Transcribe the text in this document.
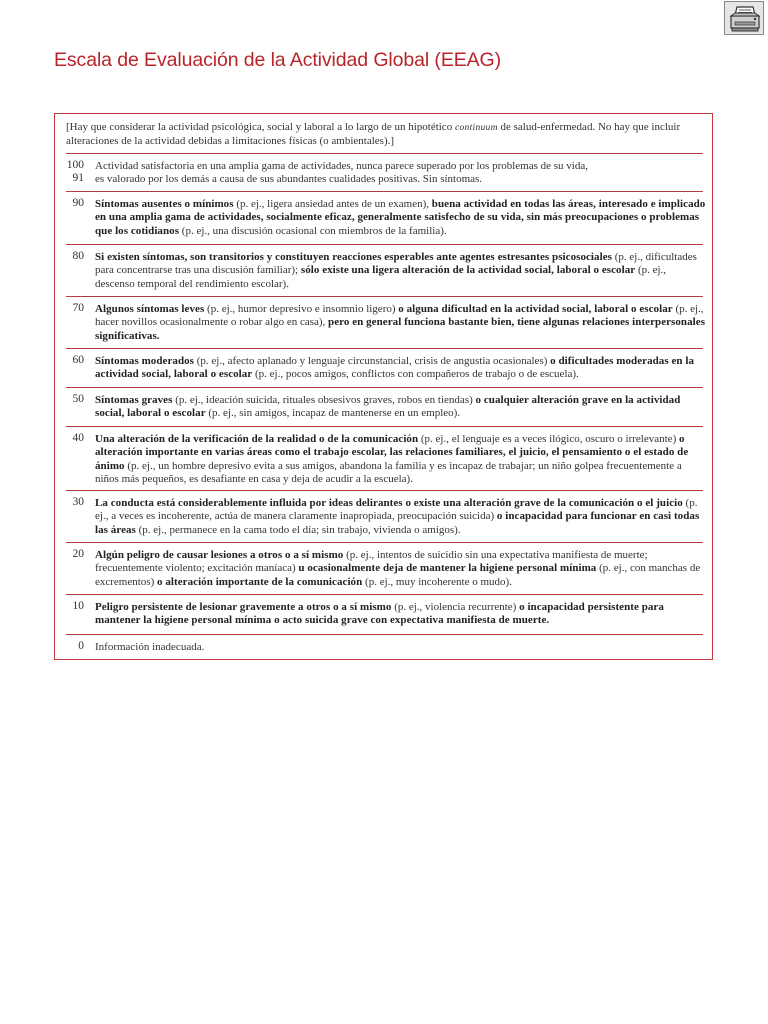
Escala de Evaluación de la Actividad Global (EEAG)
[Hay que considerar la actividad psicológica, social y laboral a lo largo de un hipotético continuum de salud-enfermedad. No hay que incluir alteraciones de la actividad debidas a limitaciones físicas (o ambientales).]
100
91
Actividad satisfactoria en una amplia gama de actividades, nunca parece superado por los problemas de su vida,
es valorado por los demás a causa de sus abundantes cualidades positivas. Sin síntomas.
90 Síntomas ausentes o mínimos (p. ej., ligera ansiedad antes de un examen), buena actividad en todas las áreas, interesado e implicado en una amplia gama de actividades, socialmente eficaz, generalmente satisfecho de su vida, sin más preocupaciones o problemas que los cotidianos (p. ej., una discusión ocasional con miembros de la familia).
80 Si existen síntomas, son transitorios y constituyen reacciones esperables ante agentes estresantes psicosociales (p. ej., dificultades para concentrarse tras una discusión familiar); sólo existe una ligera alteración de la actividad social, laboral o escolar (p. ej., descenso temporal del rendimiento escolar).
70 Algunos síntomas leves (p. ej., humor depresivo e insomnio ligero) o alguna dificultad en la actividad social, laboral o escolar (p. ej., hacer novillos ocasionalmente o robar algo en casa), pero en general funciona bastante bien, tiene algunas relaciones interpersonales significativas.
60 Síntomas moderados (p. ej., afecto aplanado y lenguaje circunstancial, crisis de angustia ocasionales) o dificultades moderadas en la actividad social, laboral o escolar (p. ej., pocos amigos, conflictos con compañeros de trabajo o de escuela).
50 Síntomas graves (p. ej., ideación suicida, rituales obsesivos graves, robos en tiendas) o cualquier alteración grave en la actividad social, laboral o escolar (p. ej., sin amigos, incapaz de mantenerse en un empleo).
40 Una alteración de la verificación de la realidad o de la comunicación (p. ej., el lenguaje es a veces ilógico, oscuro o irrelevante) o alteración importante en varias áreas como el trabajo escolar, las relaciones familiares, el juicio, el pensamiento o el estado de ánimo (p. ej., un hombre depresivo evita a sus amigos, abandona la familia y es incapaz de trabajar; un niño golpea frecuentemente a niños más pequeños, es desafiante en casa y deja de acudir a la escuela).
30 La conducta está considerablemente influida por ideas delirantes o existe una alteración grave de la comunicación o el juicio (p. ej., a veces es incoherente, actúa de manera claramente inapropiada, preocupación suicida) o incapacidad para funcionar en casi todas las áreas (p. ej., permanece en la cama todo el día; sin trabajo, vivienda o amigos).
20 Algún peligro de causar lesiones a otros o a sí mismo (p. ej., intentos de suicidio sin una expectativa manifiesta de muerte; frecuentemente violento; excitación maníaca) u ocasionalmente deja de mantener la higiene personal mínima (p. ej., con manchas de excrementos) o alteración importante de la comunicación (p. ej., muy incoherente o mudo).
10 Peligro persistente de lesionar gravemente a otros o a sí mismo (p. ej., violencia recurrente) o incapacidad persistente para mantener la higiene personal mínima o acto suicida grave con expectativa manifiesta de muerte.
0 Información inadecuada.
